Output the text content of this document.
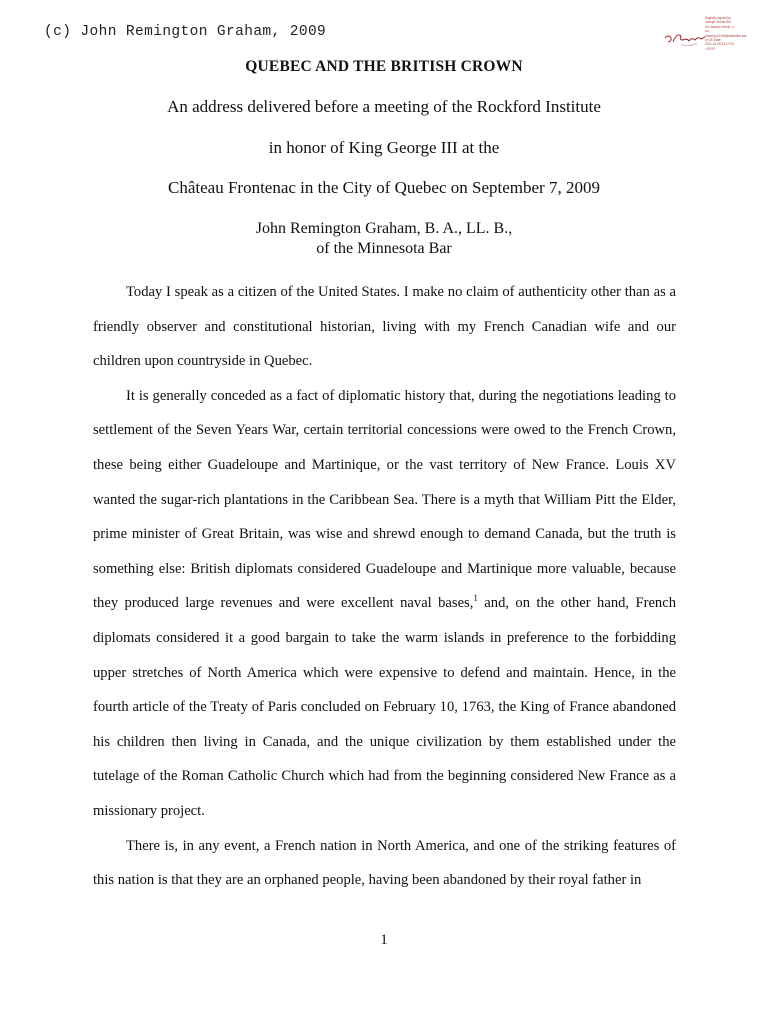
(c) John Remington Graham, 2009
Digitally signed by Joseph Zernik DN: cn=Joseph Zernik, o, ou, email=jz12345@earthlink.net, c=US Date: 2011.01.08 12:17:02 +02'00'
QUEBEC AND THE BRITISH CROWN
An address delivered before a meeting of the Rockford Institute
in honor of King George III at the
Château Frontenac in the City of Quebec on September 7, 2009
John Remington Graham, B. A., LL. B.,
of the Minnesota Bar

Today I speak as a citizen of the United States. I make no claim of authenticity other than as a friendly observer and constitutional historian, living with my French Canadian wife and our children upon countryside in Quebec.

It is generally conceded as a fact of diplomatic history that, during the negotiations leading to settlement of the Seven Years War, certain territorial concessions were owed to the French Crown, these being either Guadeloupe and Martinique, or the vast territory of New France. Louis XV wanted the sugar-rich plantations in the Caribbean Sea. There is a myth that William Pitt the Elder, prime minister of Great Britain, was wise and shrewd enough to demand Canada, but the truth is something else: British diplomats considered Guadeloupe and Martinique more valuable, because they produced large revenues and were excellent naval bases,$^1$ and, on the other hand, French diplomats considered it a good bargain to take the warm islands in preference to the forbidding upper stretches of North America which were expensive to defend and maintain. Hence, in the fourth article of the Treaty of Paris concluded on February 10, 1763, the King of France abandoned his children then living in Canada, and the unique civilization by them established under the tutelage of the Roman Catholic Church which had from the beginning considered New France as a missionary project.

There is, in any event, a French nation in North America, and one of the striking features of this nation is that they are an orphaned people, having been abandoned by their royal father in

1
